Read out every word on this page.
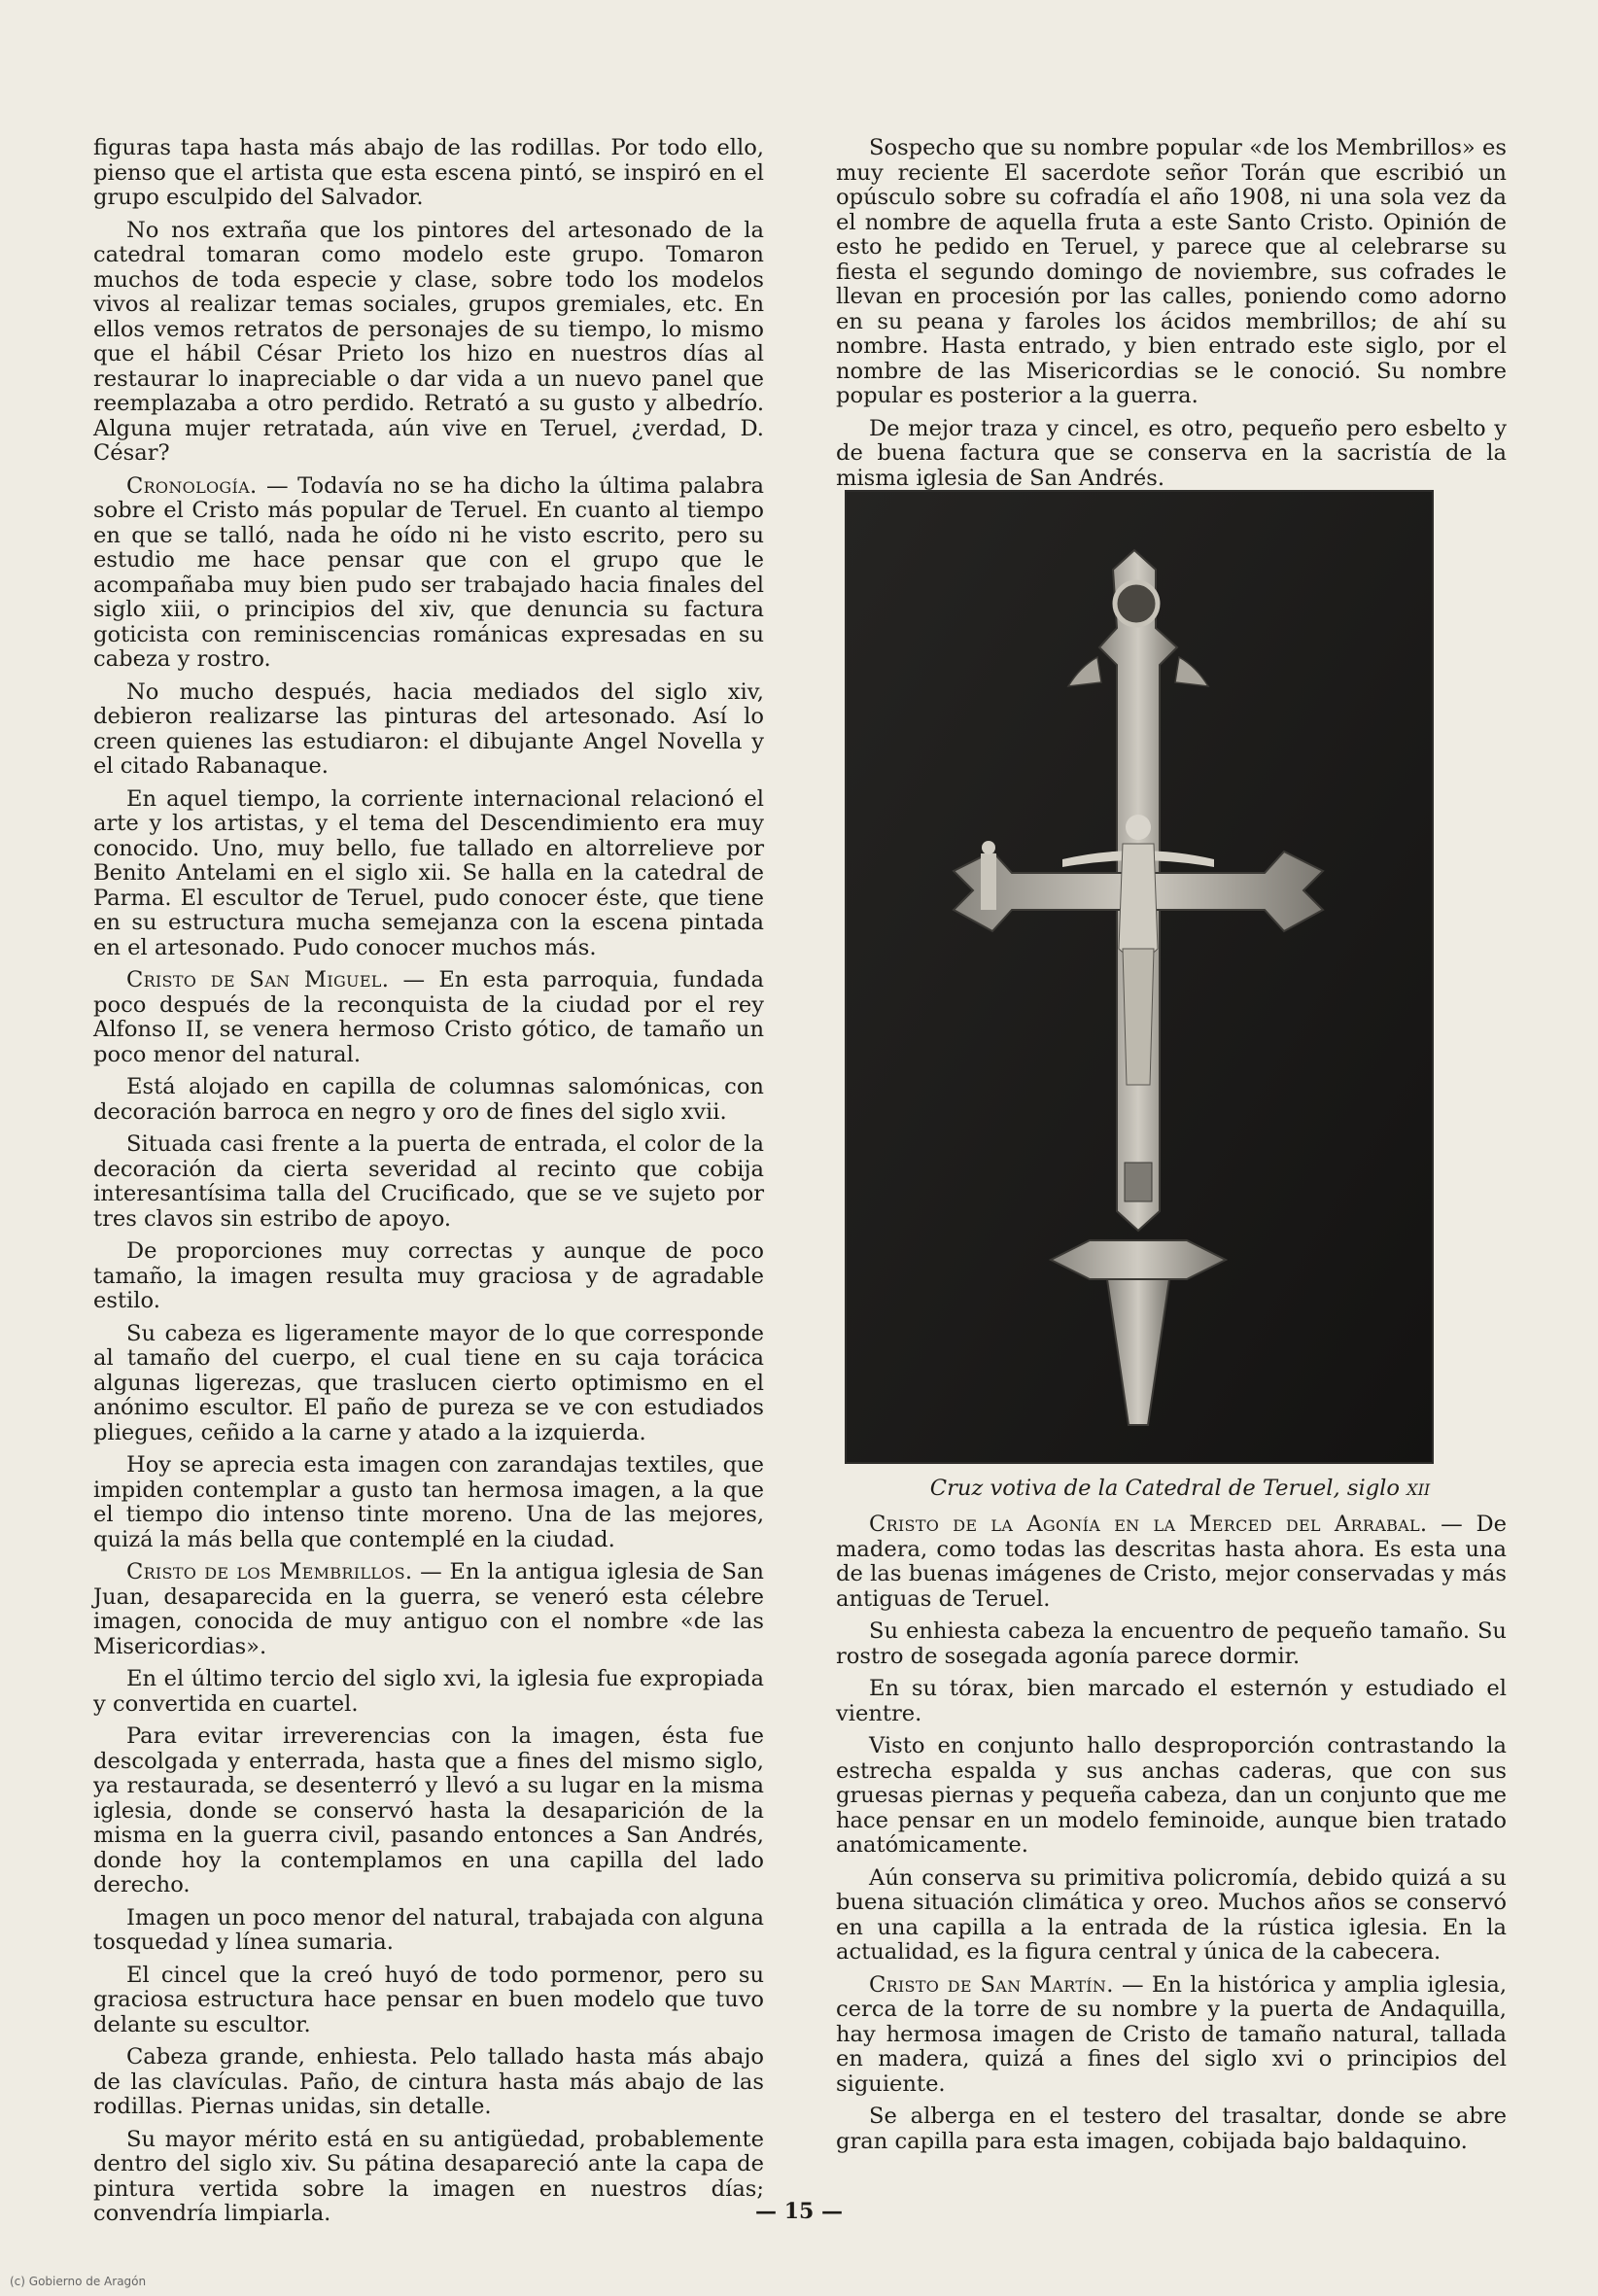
figuras tapa hasta más abajo de las rodillas. Por todo ello, pienso que el artista que esta escena pintó, se inspiró en el grupo esculpido del Salvador.

No nos extraña que los pintores del artesonado de la catedral tomaran como modelo este grupo. Tomaron muchos de toda especie y clase, sobre todo los modelos vivos al realizar temas sociales, grupos gremiales, etc. En ellos vemos retratos de personajes de su tiempo, lo mismo que el hábil César Prieto los hizo en nuestros días al restaurar lo inapreciable o dar vida a un nuevo panel que reemplazaba a otro perdido. Retrató a su gusto y albedrío. Alguna mujer retratada, aún vive en Teruel, ¿verdad, D. César?

Cronología. — Todavía no se ha dicho la última palabra sobre el Cristo más popular de Teruel. En cuanto al tiempo en que se talló, nada he oído ni he visto escrito, pero su estudio me hace pensar que con el grupo que le acompañaba muy bien pudo ser trabajado hacia finales del siglo xiii, o principios del xiv, que denuncia su factura goticista con reminiscencias románicas expresadas en su cabeza y rostro.

No mucho después, hacia mediados del siglo xiv, debieron realizarse las pinturas del artesonado. Así lo creen quienes las estudiaron: el dibujante Angel Novella y el citado Rabanaque.

En aquel tiempo, la corriente internacional relacionó el arte y los artistas, y el tema del Descendimiento era muy conocido. Uno, muy bello, fue tallado en altorrelieve por Benito Antelami en el siglo xii. Se halla en la catedral de Parma. El escultor de Teruel, pudo conocer éste, que tiene en su estructura mucha semejanza con la escena pintada en el artesonado. Pudo conocer muchos más.

Cristo de San Miguel. — En esta parroquia, fundada poco después de la reconquista de la ciudad por el rey Alfonso II, se venera hermoso Cristo gótico, de tamaño un poco menor del natural.

Está alojado en capilla de columnas salomónicas, con decoración barroca en negro y oro de fines del siglo xvii.

Situada casi frente a la puerta de entrada, el color de la decoración da cierta severidad al recinto que cobija interesantísima talla del Crucificado, que se ve sujeto por tres clavos sin estribo de apoyo.

De proporciones muy correctas y aunque de poco tamaño, la imagen resulta muy graciosa y de agradable estilo.

Su cabeza es ligeramente mayor de lo que corresponde al tamaño del cuerpo, el cual tiene en su caja torácica algunas ligerezas, que traslucen cierto optimismo en el anónimo escultor. El paño de pureza se ve con estudiados pliegues, ceñido a la carne y atado a la izquierda.

Hoy se aprecia esta imagen con zarandajas textiles, que impiden contemplar a gusto tan hermosa imagen, a la que el tiempo dio intenso tinte moreno. Una de las mejores, quizá la más bella que contemplé en la ciudad.

Cristo de los Membrillos. — En la antigua iglesia de San Juan, desaparecida en la guerra, se veneró esta célebre imagen, conocida de muy antiguo con el nombre «de las Misericordias».

En el último tercio del siglo xvi, la iglesia fue expropiada y convertida en cuartel.

Para evitar irreverencias con la imagen, ésta fue descolgada y enterrada, hasta que a fines del mismo siglo, ya restaurada, se desenterró y llevó a su lugar en la misma iglesia, donde se conservó hasta la desaparición de la misma en la guerra civil, pasando entonces a San Andrés, donde hoy la contemplamos en una capilla del lado derecho.

Imagen un poco menor del natural, trabajada con alguna tosquedad y línea sumaria.

El cincel que la creó huyó de todo pormenor, pero su graciosa estructura hace pensar en buen modelo que tuvo delante su escultor.

Cabeza grande, enhiesta. Pelo tallado hasta más abajo de las clavículas. Paño, de cintura hasta más abajo de las rodillas. Piernas unidas, sin detalle.

Su mayor mérito está en su antigüedad, probablemente dentro del siglo xiv. Su pátina desapareció ante la capa de pintura vertida sobre la imagen en nuestros días; convendría limpiarla.

Sospecho que su nombre popular «de los Membrillos» es muy reciente El sacerdote señor Torán que escribió un opúsculo sobre su cofradía el año 1908, ni una sola vez da el nombre de aquella fruta a este Santo Cristo. Opinión de esto he pedido en Teruel, y parece que al celebrarse su fiesta el segundo domingo de noviembre, sus cofrades le llevan en procesión por las calles, poniendo como adorno en su peana y faroles los ácidos membrillos; de ahí su nombre. Hasta entrado, y bien entrado este siglo, por el nombre de las Misericordias se le conoció. Su nombre popular es posterior a la guerra.

De mejor traza y cincel, es otro, pequeño pero esbelto y de buena factura que se conserva en la sacristía de la misma iglesia de San Andrés.

Cruz votiva de la Catedral de Teruel, siglo xii

Cristo de la Agonía en la Merced del Arrabal. — De madera, como todas las descritas hasta ahora. Es esta una de las buenas imágenes de Cristo, mejor conservadas y más antiguas de Teruel.

Su enhiesta cabeza la encuentro de pequeño tamaño. Su rostro de sosegada agonía parece dormir.

En su tórax, bien marcado el esternón y estudiado el vientre.

Visto en conjunto hallo desproporción contrastando la estrecha espalda y sus anchas caderas, que con sus gruesas piernas y pequeña cabeza, dan un conjunto que me hace pensar en un modelo feminoide, aunque bien tratado anatómicamente.

Aún conserva su primitiva policromía, debido quizá a su buena situación climática y oreo. Muchos años se conservó en una capilla a la entrada de la rústica iglesia. En la actualidad, es la figura central y única de la cabecera.

Cristo de San Martín. — En la histórica y amplia iglesia, cerca de la torre de su nombre y la puerta de Andaquilla, hay hermosa imagen de Cristo de tamaño natural, tallada en madera, quizá a fines del siglo xvi o principios del siguiente.

Se alberga en el testero del trasaltar, donde se abre gran capilla para esta imagen, cobijada bajo baldaquino.

— 15 —
(c) Gobierno de Aragón
